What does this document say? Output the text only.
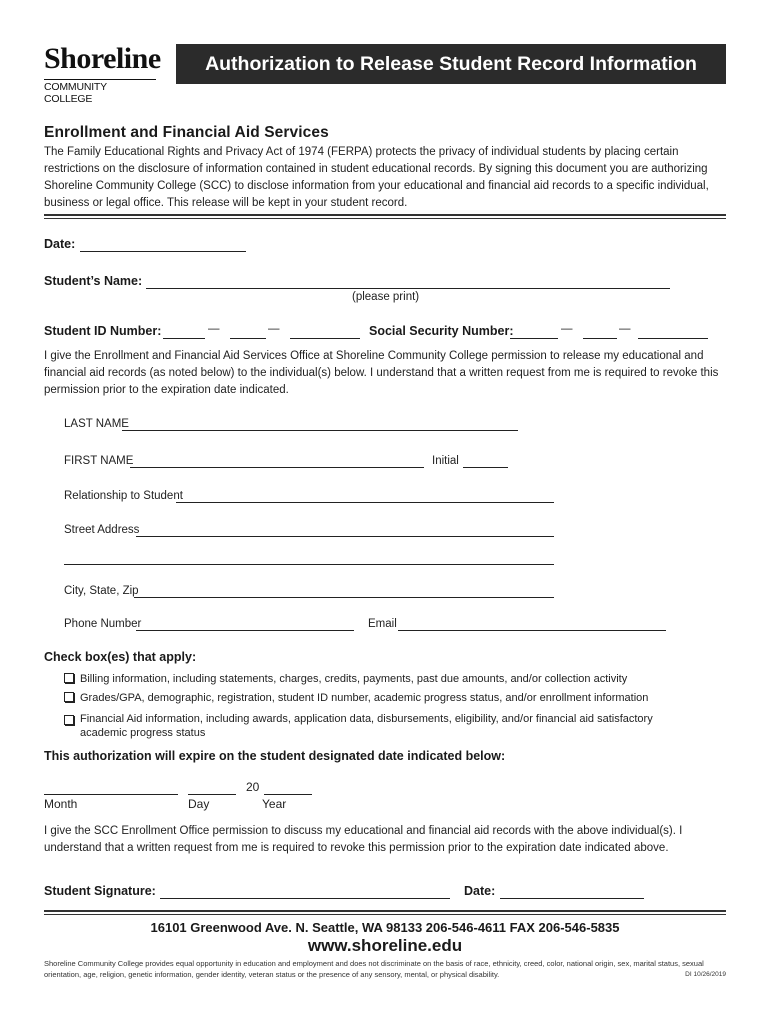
Shoreline
COMMUNITY COLLEGE
Authorization to Release Student Record Information
Enrollment and Financial Aid Services
The Family Educational Rights and Privacy Act of 1974 (FERPA) protects the privacy of individual students by placing certain restrictions on the disclosure of information contained in student educational records. By signing this document you are authorizing Shoreline Community College (SCC) to disclose information from your educational and financial aid records to a specific individual, business or legal office. This release will be kept in your student record.
Date:
Student’s Name:
(please print)
Student ID Number:	—	—	Social Security Number:	—	—
I give the Enrollment and Financial Aid Services Office at Shoreline Community College permission to release my educational and financial aid records (as noted below) to the individual(s) below. I understand that a written request from me is required to revoke this permission prior to the expiration date indicated.
LAST NAME
FIRST NAME	Initial
Relationship to Student
Street Address
City, State, Zip
Phone Number	Email
Check box(es) that apply:
Billing information, including statements, charges, credits, payments, past due amounts, and/or collection activity
Grades/GPA, demographic, registration, student ID number, academic progress status, and/or enrollment information
Financial Aid information, including awards, application data, disbursements, eligibility, and/or financial aid satisfactory academic progress status
This authorization will expire on the student designated date indicated below:
20
Month	Day	Year
I give the SCC Enrollment Office permission to discuss my educational and financial aid records with the above individual(s). I understand that a written request from me is required to revoke this permission prior to the expiration date indicated above.
Student Signature:	Date:
16101 Greenwood Ave. N. Seattle, WA 98133 206-546-4611 FAX 206-546-5835
www.shoreline.edu
Shoreline Community College provides equal opportunity in education and employment and does not discriminate on the basis of race, ethnicity, creed, color, national origin, sex, marital status, sexual orientation, age, religion, genetic information, gender identity, veteran status or the presence of any sensory, mental, or physical disability.	DI 10/26/2019
